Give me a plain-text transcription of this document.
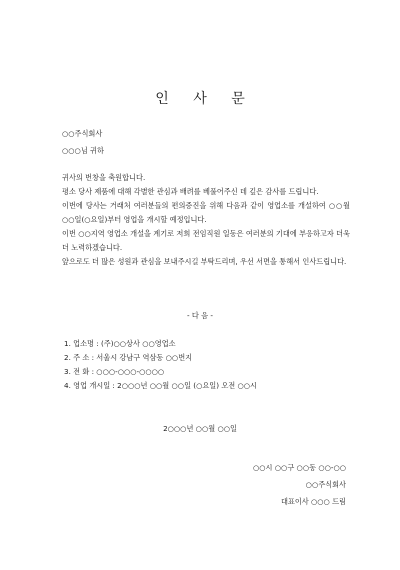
인 사 문
○○주식회사
○○○님 귀하

귀사의 번창을 축원합니다.

평소 당사 제품에 대해 각별한 관심과 배려를 베풀어주신 데 깊은 감사를 드립니다.

이번에 당사는 거래처 여러분들의 편의증진을 위해 다음과 같이 영업소를 개설하여 ○○월 ○○일(○요일)부터 영업을 개시할 예정입니다.

이번 ○○지역 영업소 개설을 계기로 저희 전임직원 일동은 여러분의 기대에 부응하고자 더욱더 노력하겠습니다.

앞으로도 더 많은 성원과 관심을 보내주시길 부탁드리며, 우선 서면을 통해서 인사드립니다.

- 다 음 -
1. 업소명 : (주)○○상사 ○○영업소
2. 주 소 : 서울시 강남구 역삼동 ○○번지
3. 전 화 : ○○○-○○○-○○○○
4. 영업 개시일 : 2○○○년 ○○월 ○○일 (○요일) 오전 ○○시
2○○○년 ○○월 ○○일
○○시 ○○구 ○○동 ○○-○○
○○주식회사
대표이사 ○○○ 드림
